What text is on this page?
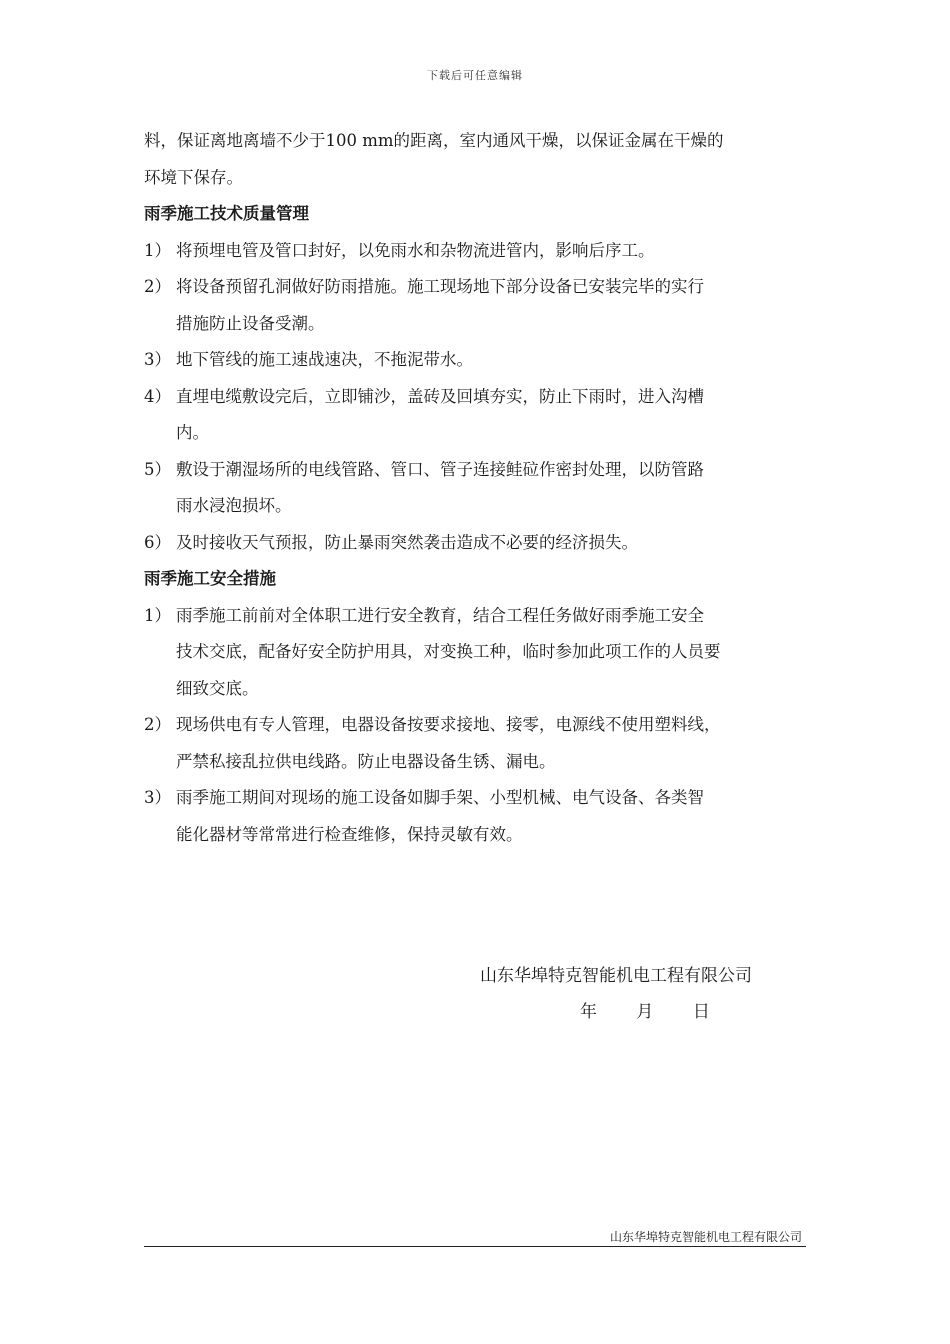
下载后可任意编辑

料，保证离地离墙不少于100 mm的距离，室内通风干燥，以保证金属在干燥的

环境下保存。

雨季施工技术质量管理

1） 将预埋电管及管口封好，以免雨水和杂物流进管内，影响后序工。
2） 将设备预留孔洞做好防雨措施。施工现场地下部分设备已安装完毕的实行
措施防止设备受潮。
3） 地下管线的施工速战速决，不拖泥带水。
4） 直埋电缆敷设完后，立即铺沙，盖砖及回填夯实，防止下雨时，进入沟槽
内。
5） 敷设于潮湿场所的电线管路、管口、管子连接鲑砬作密封处理，以防管路
雨水浸泡损坏。
6） 及时接收天气预报，防止暴雨突然袭击造成不必要的经济损失。

雨季施工安全措施

1） 雨季施工前前对全体职工进行安全教育，结合工程任务做好雨季施工安全
技术交底，配备好安全防护用具，对变换工种，临时参加此项工作的人员要
细致交底。
2） 现场供电有专人管理，电器设备按要求接地、接零，电源线不使用塑料线，
严禁私接乱拉供电线路。防止电器设备生锈、漏电。
3） 雨季施工期间对现场的施工设备如脚手架、小型机械、电气设备、各类智
能化器材等常常进行检查维修，保持灵敏有效。
山东华埠特克智能机电工程有限公司
年 月 日
山东华埠特克智能机电工程有限公司
